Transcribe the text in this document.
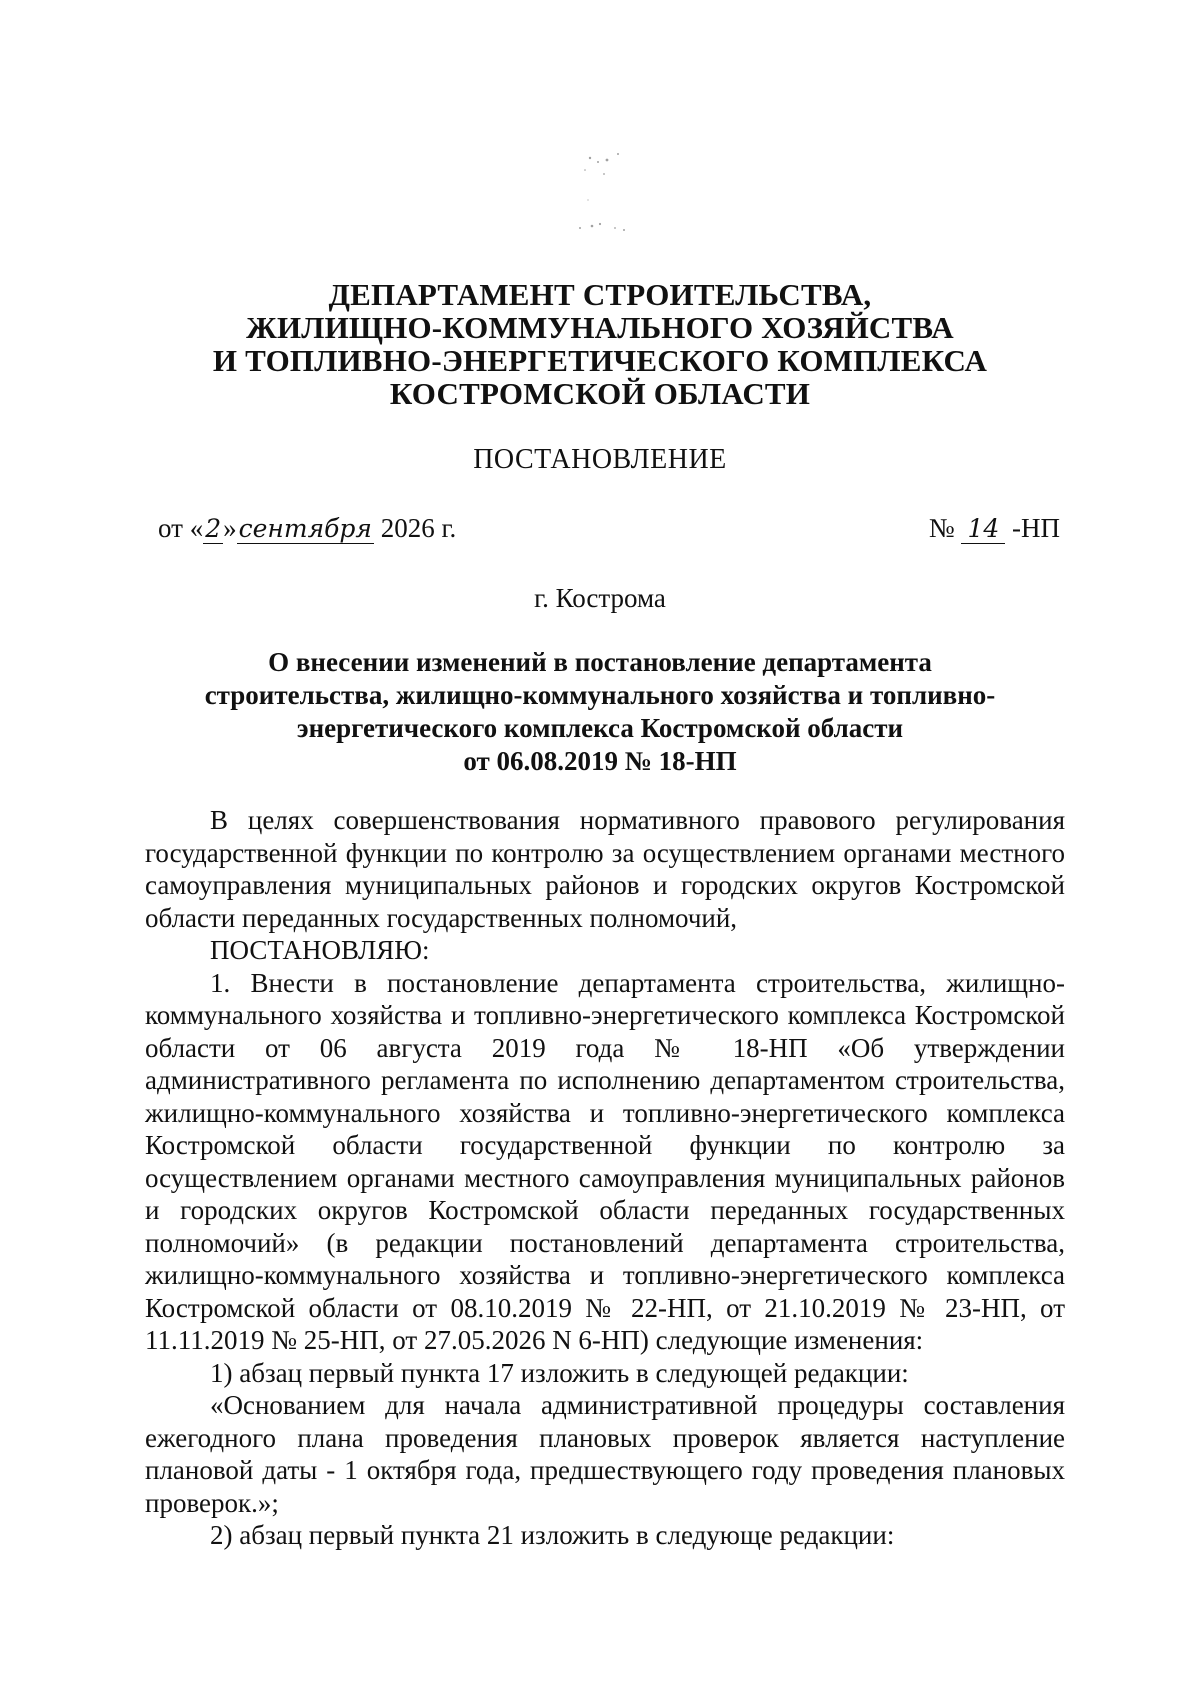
ДЕПАРТАМЕНТ СТРОИТЕЛЬСТВА,
ЖИЛИЩНО-КОММУНАЛЬНОГО ХОЗЯЙСТВА
И ТОПЛИВНО-ЭНЕРГЕТИЧЕСКОГО КОМПЛЕКСА
КОСТРОМСКОЙ ОБЛАСТИ
ПОСТАНОВЛЕНИЕ
от «2»сентября 2026 г.	№ 14 -НП
г. Кострома
О внесении изменений в постановление департамента
строительства, жилищно-коммунального хозяйства и топливно-
энергетического комплекса Костромской области
от 06.08.2019 № 18-НП

В целях совершенствования нормативного правового регулирования государственной функции по контролю за осуществлением органами местного самоуправления муниципальных районов и городских округов Костромской области переданных государственных полномочий,

ПОСТАНОВЛЯЮ:

1. Внести в постановление департамента строительства, жилищно-коммунального хозяйства и топливно-энергетического комплекса Костромской области от 06 августа 2019 года № 18-НП «Об утверждении административного регламента по исполнению департаментом строительства, жилищно-коммунального хозяйства и топливно-энергетического комплекса Костромской области государственной функции по контролю за осуществлением органами местного самоуправления муниципальных районов и городских округов Костромской области переданных государственных полномочий» (в редакции постановлений департамента строительства, жилищно-коммунального хозяйства и топливно-энергетического комплекса Костромской области от 08.10.2019 № 22-НП, от 21.10.2019 № 23-НП, от 11.11.2019 № 25-НП, от 27.05.2026 N 6-НП) следующие изменения:

1) абзац первый пункта 17 изложить в следующей редакции:

«Основанием для начала административной процедуры составления ежегодного плана проведения плановых проверок является наступление плановой даты - 1 октября года, предшествующего году проведения плановых проверок.»;

2) абзац первый пункта 21 изложить в следующе редакции:
